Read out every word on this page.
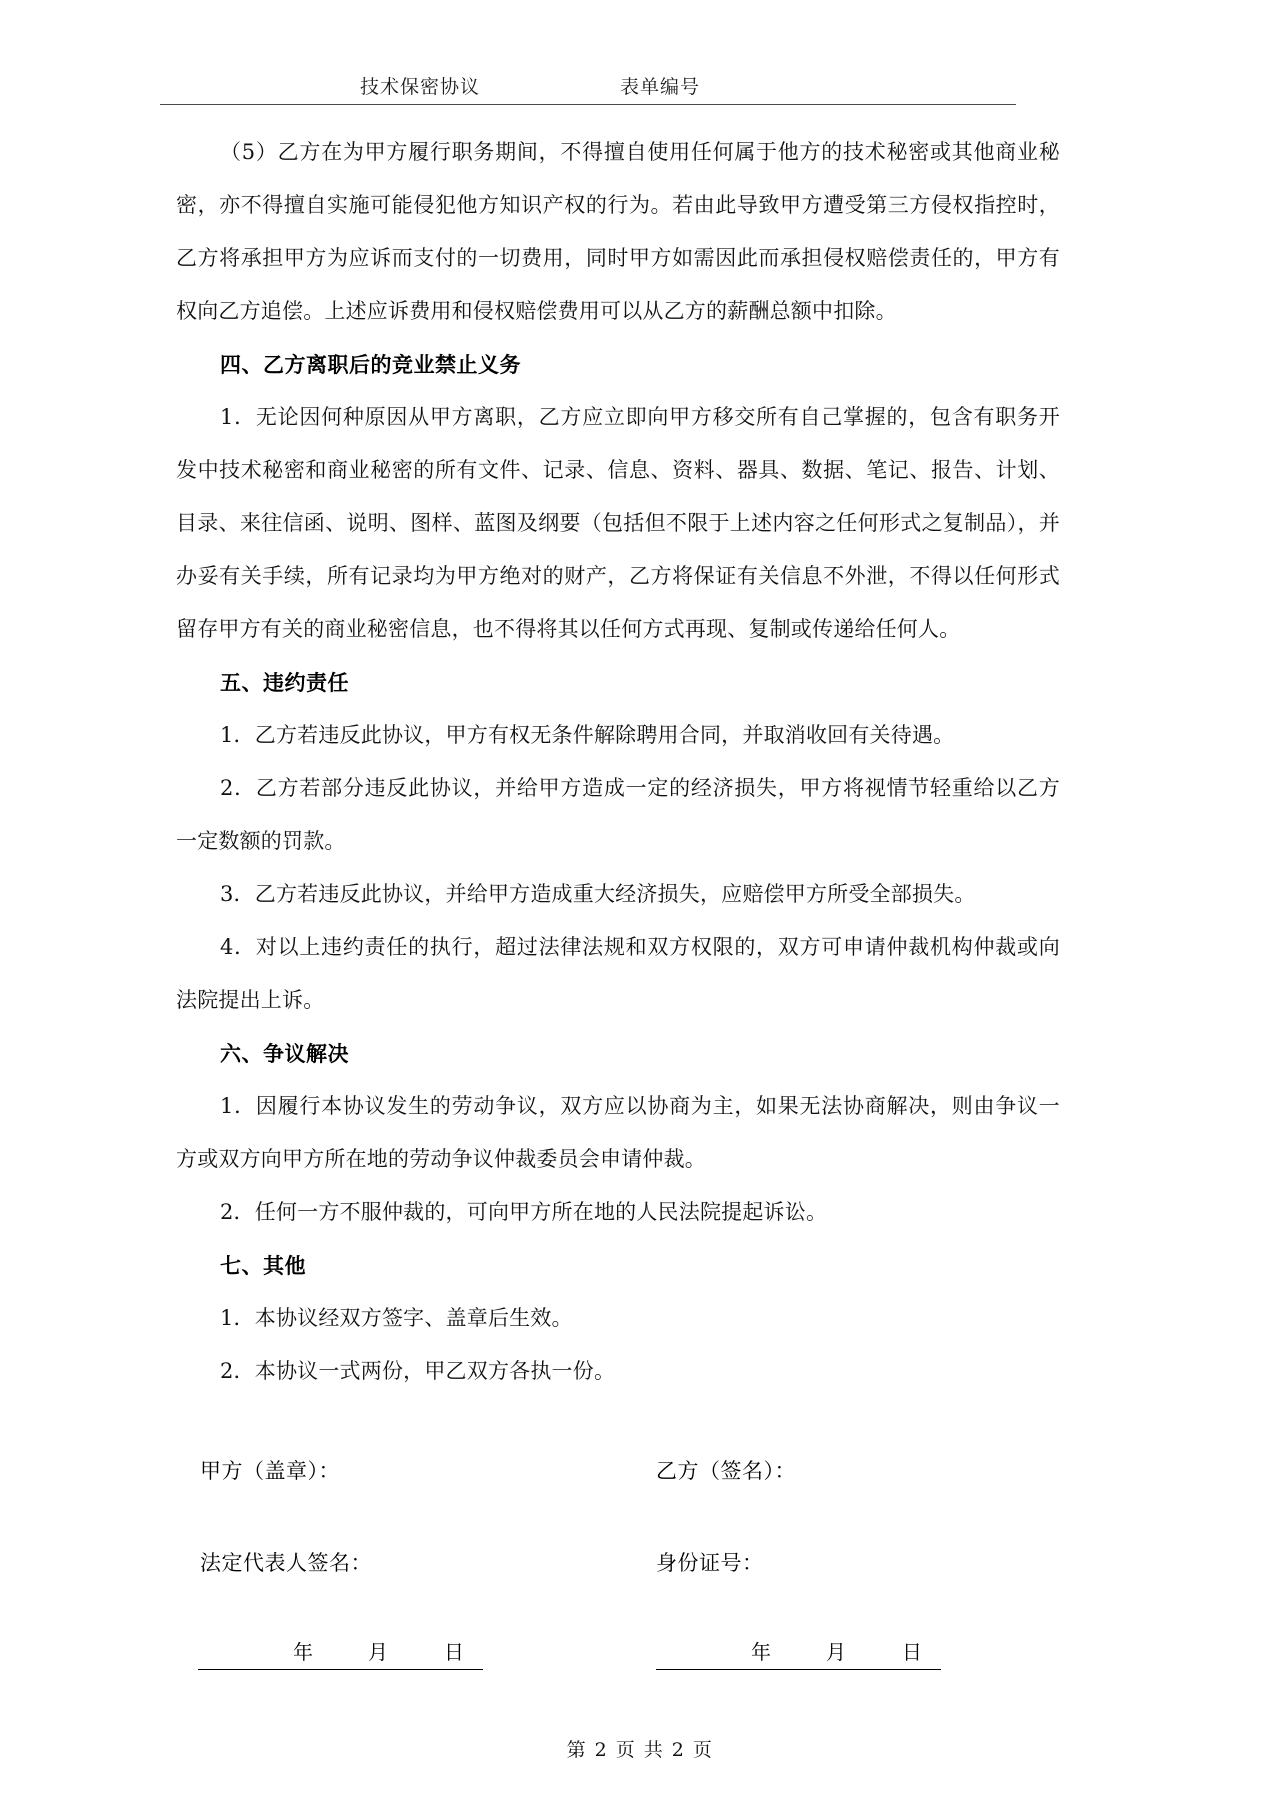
技术保密协议	表单编号

（5）乙方在为甲方履行职务期间，不得擅自使用任何属于他方的技术秘密或其他商业秘密，亦不得擅自实施可能侵犯他方知识产权的行为。若由此导致甲方遭受第三方侵权指控时，乙方将承担甲方为应诉而支付的一切费用，同时甲方如需因此而承担侵权赔偿责任的，甲方有权向乙方追偿。上述应诉费用和侵权赔偿费用可以从乙方的薪酬总额中扣除。

四、乙方离职后的竞业禁止义务

1．无论因何种原因从甲方离职，乙方应立即向甲方移交所有自己掌握的，包含有职务开发中技术秘密和商业秘密的所有文件、记录、信息、资料、器具、数据、笔记、报告、计划、目录、来往信函、说明、图样、蓝图及纲要（包括但不限于上述内容之任何形式之复制品），并办妥有关手续，所有记录均为甲方绝对的财产，乙方将保证有关信息不外泄，不得以任何形式留存甲方有关的商业秘密信息，也不得将其以任何方式再现、复制或传递给任何人。

五、违约责任

1．乙方若违反此协议，甲方有权无条件解除聘用合同，并取消收回有关待遇。

2．乙方若部分违反此协议，并给甲方造成一定的经济损失，甲方将视情节轻重给以乙方一定数额的罚款。

3．乙方若违反此协议，并给甲方造成重大经济损失，应赔偿甲方所受全部损失。

4．对以上违约责任的执行，超过法律法规和双方权限的，双方可申请仲裁机构仲裁或向法院提出上诉。

六、争议解决

1．因履行本协议发生的劳动争议，双方应以协商为主，如果无法协商解决，则由争议一方或双方向甲方所在地的劳动争议仲裁委员会申请仲裁。

2．任何一方不服仲裁的，可向甲方所在地的人民法院提起诉讼。

七、其他

1．本协议经双方签字、盖章后生效。

2．本协议一式两份，甲乙双方各执一份。

甲方（盖章）：	乙方（签名）：
法定代表人签名：	身份证号：
年	月	日	年	月	日
第 2 页 共 2 页
